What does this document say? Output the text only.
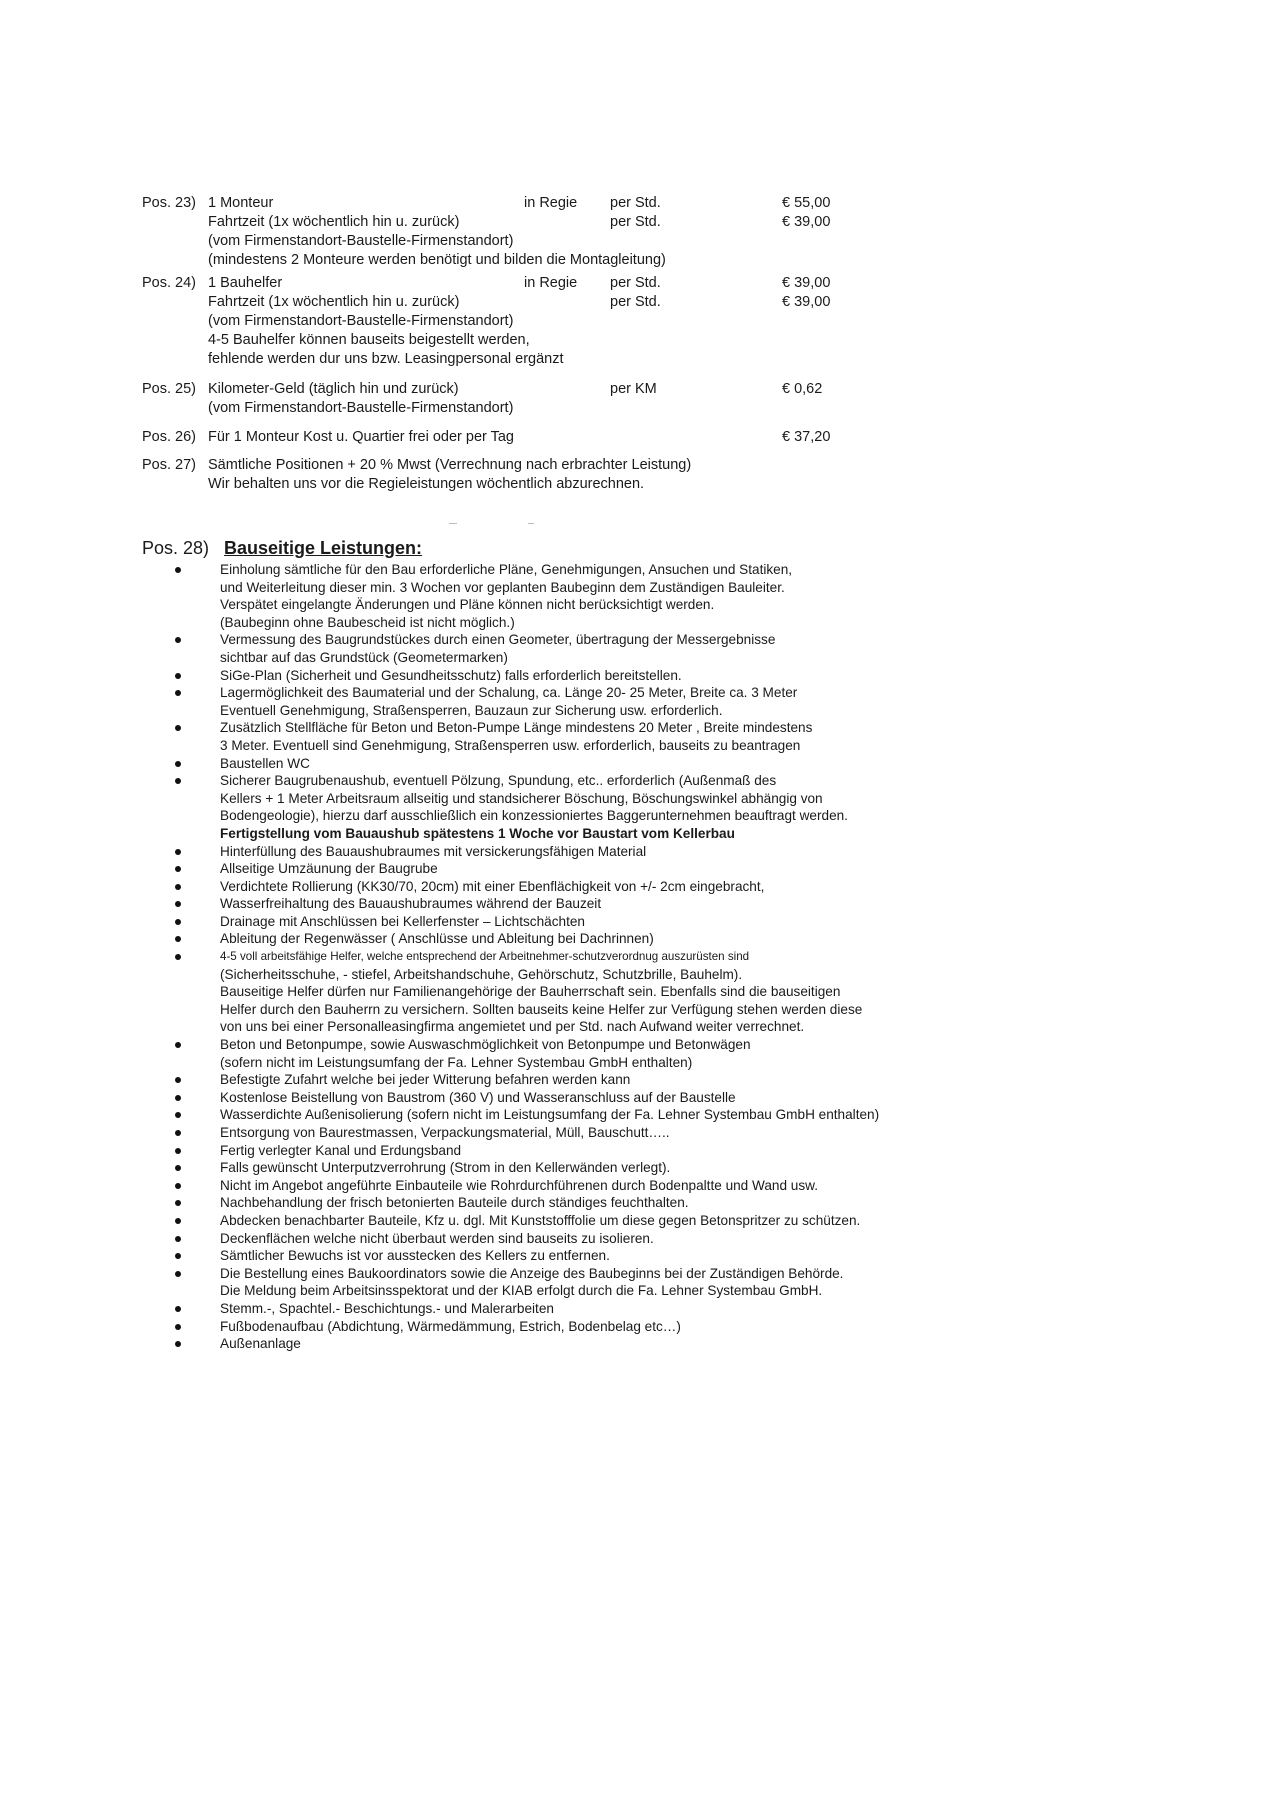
Pos. 23) 1 Monteur
Fahrtzeit (1x wöchentlich hin u. zurück)
(vom Firmenstandort-Baustelle-Firmenstandort)
(mindestens 2 Monteure werden benötigt und bilden die Montagleitung)
in Regie per Std.
per Std.
€ 55,00
€ 39,00
Pos. 24) 1 Bauhelfer
Fahrtzeit (1x wöchentlich hin u. zurück)
(vom Firmenstandort-Baustelle-Firmenstandort)
4-5 Bauhelfer können bauseits beigestellt werden,
fehlende werden dur uns bzw. Leasingpersonal ergänzt
in Regie per Std.
per Std.
€ 39,00
€ 39,00
Pos. 25) Kilometer-Geld (täglich hin und zurück)
(vom Firmenstandort-Baustelle-Firmenstandort)
per KM	€ 0,62
Pos. 26) Für 1 Monteur Kost u. Quartier frei oder per Tag	€ 37,20
Pos. 27) Sämtliche Positionen + 20 % Mwst (Verrechnung nach erbrachter Leistung)
Wir behalten uns vor die Regieleistungen wöchentlich abzurechnen.
Pos. 28) Bauseitige Leistungen:
Einholung sämtliche für den Bau erforderliche Pläne, Genehmigungen, Ansuchen und Statiken,
und Weiterleitung dieser min. 3 Wochen vor geplanten Baubeginn dem Zuständigen Bauleiter.
Verspätet eingelangte Änderungen und Pläne können nicht berücksichtigt werden.
(Baubeginn ohne Baubescheid ist nicht möglich.)
Vermessung des Baugrundstückes durch einen Geometer, übertragung der Messergebnisse
sichtbar auf das Grundstück (Geometermarken)
SiGe-Plan (Sicherheit und Gesundheitsschutz) falls erforderlich bereitstellen.
Lagermöglichkeit des Baumaterial und der Schalung, ca. Länge 20- 25 Meter, Breite ca. 3 Meter
Eventuell Genehmigung, Straßensperren, Bauzaun zur Sicherung usw. erforderlich.
Zusätzlich Stellfläche für Beton und Beton-Pumpe Länge mindestens 20 Meter , Breite mindestens
3 Meter. Eventuell sind Genehmigung, Straßensperren usw. erforderlich, bauseits zu beantragen
Baustellen WC
Sicherer Baugrubenaushub, eventuell Pölzung, Spundung, etc.. erforderlich (Außenmaß des
Kellers + 1 Meter Arbeitsraum allseitig und standsicherer Böschung, Böschungswinkel abhängig von
Bodengeologie), hierzu darf ausschließlich ein konzessioniertes Baggerunternehmen beauftragt werden.
Fertigstellung vom Bauaushub spätestens 1 Woche vor Baustart vom Kellerbau
Hinterfüllung des Bauaushubraumes mit versickerungsfähigen Material
Allseitige Umzäunung der Baugrube
Verdichtete Rollierung (KK30/70, 20cm) mit einer Ebenflächigkeit von +/- 2cm eingebracht,
Wasserfreihaltung des Bauaushubraumes während der Bauzeit
Drainage mit Anschlüssen bei Kellerfenster – Lichtschächten
Ableitung der Regenwässer ( Anschlüsse und Ableitung bei Dachrinnen)
4-5 voll arbeitsfähige Helfer, welche entsprechend der Arbeitnehmer-schutzverordnug auszurüsten sind
(Sicherheitsschuhe, - stiefel, Arbeitshandschuhe, Gehörschutz, Schutzbrille, Bauhelm).
Bauseitige Helfer dürfen nur Familienangehörige der Bauherrschaft sein. Ebenfalls sind die bauseitigen
Helfer durch den Bauherrn zu versichern. Sollten bauseits keine Helfer zur Verfügung stehen werden diese
von uns bei einer Personalleasingfirma angemietet und per Std. nach Aufwand weiter verrechnet.
Beton und Betonpumpe, sowie Auswaschmöglichkeit von Betonpumpe und Betonwägen
(sofern nicht im Leistungsumfang der Fa. Lehner Systembau GmbH enthalten)
Befestigte Zufahrt welche bei jeder Witterung befahren werden kann
Kostenlose Beistellung von Baustrom (360 V) und Wasseranschluss auf der Baustelle
Wasserdichte Außenisolierung (sofern nicht im Leistungsumfang der Fa. Lehner Systembau GmbH enthalten)
Entsorgung von Baurestmassen, Verpackungsmaterial, Müll, Bauschutt…..
Fertig verlegter Kanal und Erdungsband
Falls gewünscht Unterputzverrohrung (Strom in den Kellerwänden verlegt).
Nicht im Angebot angeführte Einbauteile wie Rohrdurchführenen durch Bodenpaltte und Wand usw.
Nachbehandlung der frisch betonierten Bauteile durch ständiges feuchthalten.
Abdecken benachbarter Bauteile, Kfz u. dgl. Mit Kunststofffolie um diese gegen Betonspritzer zu schützen.
Deckenflächen welche nicht überbaut werden sind bauseits zu isolieren.
Sämtlicher Bewuchs ist vor ausstecken des Kellers zu entfernen.
Die Bestellung eines Baukoordinators sowie die Anzeige des Baubeginns bei der Zuständigen Behörde.
Die Meldung beim Arbeitsinsspektorat und der KIAB erfolgt durch die Fa. Lehner Systembau GmbH.
Stemm.-, Spachtel.- Beschichtungs.- und Malerarbeiten
Fußbodenaufbau (Abdichtung, Wärmedämmung, Estrich, Bodenbelag etc…)
Außenanlage
